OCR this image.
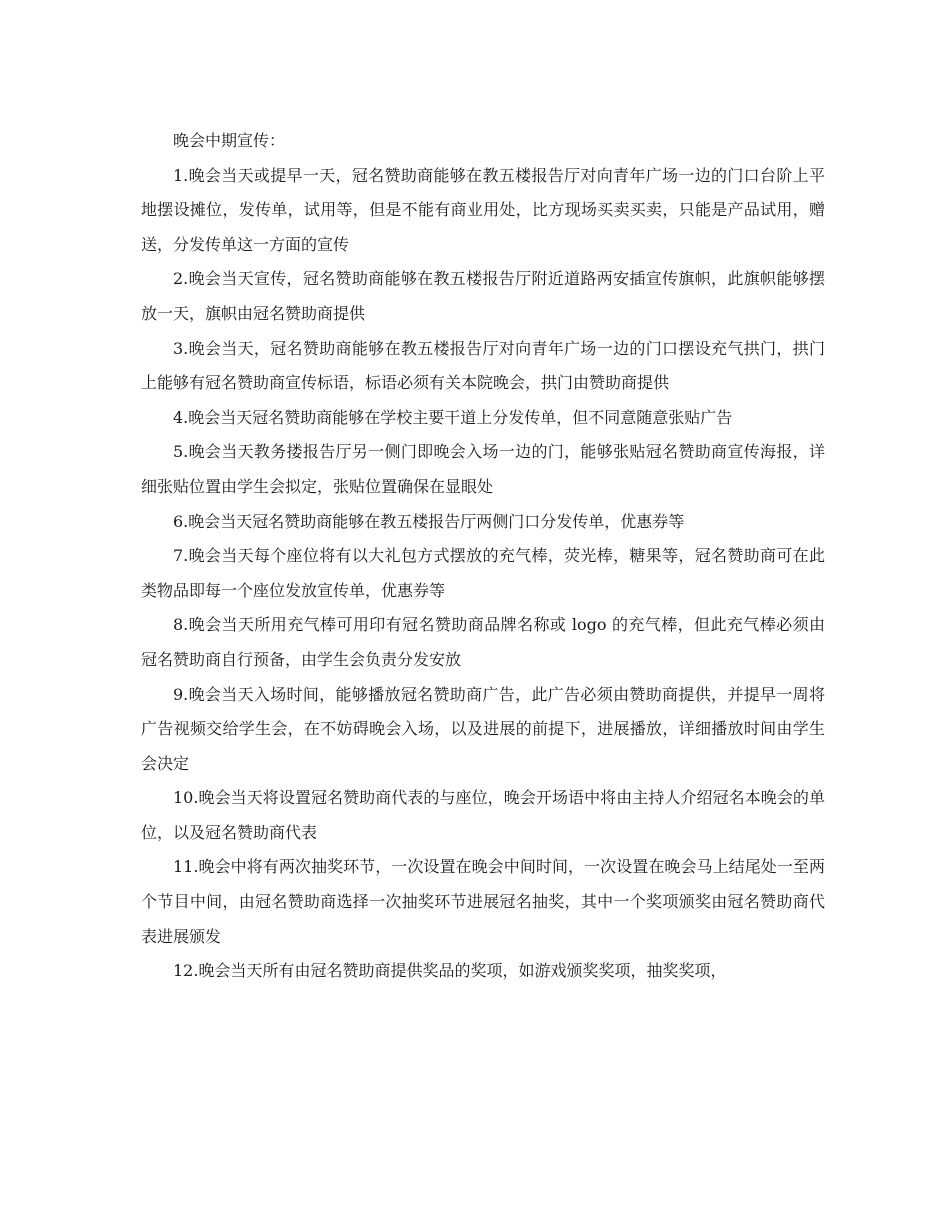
晚会中期宣传：

1.晚会当天或提早一天，冠名赞助商能够在教五楼报告厅对向青年广场一边的门口台阶上平地摆设摊位，发传单，试用等，但是不能有商业用处，比方现场买卖买卖，只能是产品试用，赠送，分发传单这一方面的宣传

2.晚会当天宣传，冠名赞助商能够在教五楼报告厅附近道路两安插宣传旗帜，此旗帜能够摆放一天，旗帜由冠名赞助商提供

3.晚会当天，冠名赞助商能够在教五楼报告厅对向青年广场一边的门口摆设充气拱门，拱门上能够有冠名赞助商宣传标语，标语必须有关本院晚会，拱门由赞助商提供

4.晚会当天冠名赞助商能够在学校主要干道上分发传单，但不同意随意张贴广告

5.晚会当天教务搂报告厅另一侧门即晚会入场一边的门，能够张贴冠名赞助商宣传海报，详细张贴位置由学生会拟定，张贴位置确保在显眼处

6.晚会当天冠名赞助商能够在教五楼报告厅两侧门口分发传单，优惠券等

7.晚会当天每个座位将有以大礼包方式摆放的充气棒，荧光棒，糖果等，冠名赞助商可在此类物品即每一个座位发放宣传单，优惠券等

8.晚会当天所用充气棒可用印有冠名赞助商品牌名称或 logo 的充气棒，但此充气棒必须由冠名赞助商自行预备，由学生会负责分发安放

9.晚会当天入场时间，能够播放冠名赞助商广告，此广告必须由赞助商提供，并提早一周将广告视频交给学生会，在不妨碍晚会入场，以及进展的前提下，进展播放，详细播放时间由学生会决定

10.晚会当天将设置冠名赞助商代表的与座位，晚会开场语中将由主持人介绍冠名本晚会的单位，以及冠名赞助商代表

11.晚会中将有两次抽奖环节，一次设置在晚会中间时间，一次设置在晚会马上结尾处一至两个节目中间，由冠名赞助商选择一次抽奖环节进展冠名抽奖，其中一个奖项颁奖由冠名赞助商代表进展颁发

12.晚会当天所有由冠名赞助商提供奖品的奖项，如游戏颁奖奖项，抽奖奖项，
